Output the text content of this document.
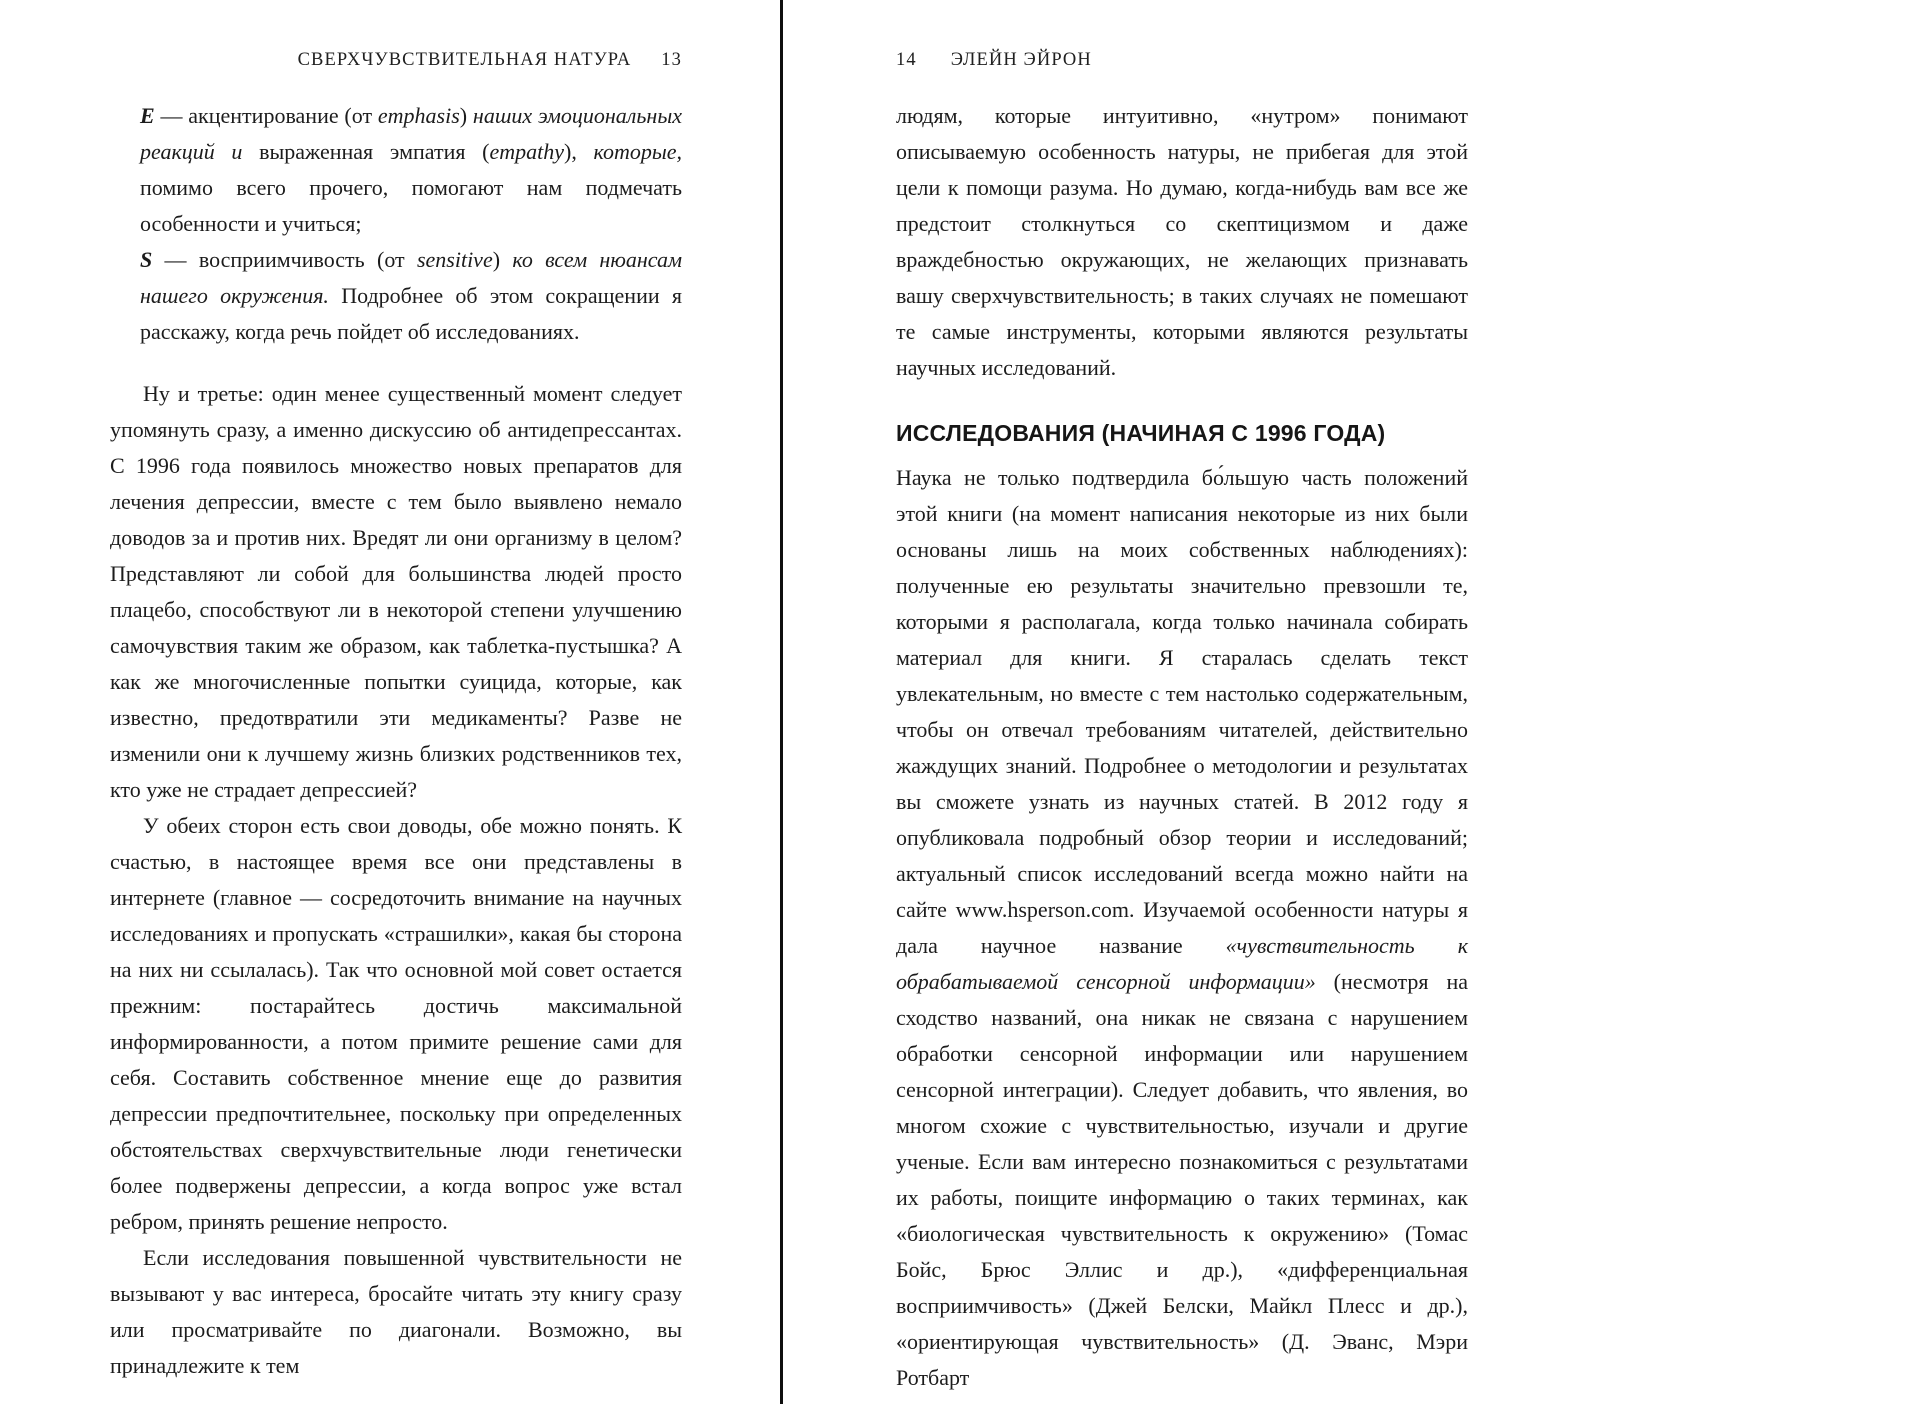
СВЕРХЧУВСТВИТЕЛЬНАЯ НАТУРА 13

E — акцентирование (от emphasis) наших эмоциональных реакций и выраженная эмпатия (empathy), которые, помимо всего прочего, помогают нам подмечать особенности и учиться;

S — восприимчивость (от sensitive) ко всем нюансам нашего окружения. Подробнее об этом сокращении я расскажу, когда речь пойдет об исследованиях.

Ну и третье: один менее существенный момент следует упомянуть сразу, а именно дискуссию об антидепрессантах. С 1996 года появилось множество новых препаратов для лечения депрессии, вместе с тем было выявлено немало доводов за и против них. Вредят ли они организму в целом? Представляют ли собой для большинства людей просто плацебо, способствуют ли в некоторой степени улучшению самочувствия таким же образом, как таблетка-пустышка? А как же многочисленные попытки суицида, которые, как известно, предотвратили эти медикаменты? Разве не изменили они к лучшему жизнь близких родственников тех, кто уже не страдает депрессией?

У обеих сторон есть свои доводы, обе можно понять. К счастью, в настоящее время все они представлены в интернете (главное — сосредоточить внимание на научных исследованиях и пропускать «страшилки», какая бы сторона на них ни ссылалась). Так что основной мой совет остается прежним: постарайтесь достичь максимальной информированности, а потом примите решение сами для себя. Составить собственное мнение еще до развития депрессии предпочтительнее, поскольку при определенных обстоятельствах сверхчувствительные люди генетически более подвержены депрессии, а когда вопрос уже встал ребром, принять решение непросто.

Если исследования повышенной чувствительности не вызывают у вас интереса, бросайте читать эту книгу сразу или просматривайте по диагонали. Возможно, вы принадлежите к тем

14 ЭЛЕЙН ЭЙРОН

людям, которые интуитивно, «нутром» понимают описываемую особенность натуры, не прибегая для этой цели к помощи разума. Но думаю, когда-нибудь вам все же предстоит столкнуться со скептицизмом и даже враждебностью окружающих, не желающих признавать вашу сверхчувствительность; в таких случаях не помешают те самые инструменты, которыми являются результаты научных исследований.

ИССЛЕДОВАНИЯ (НАЧИНАЯ С 1996 ГОДА)

Наука не только подтвердила бо́льшую часть положений этой книги (на момент написания некоторые из них были основаны лишь на моих собственных наблюдениях): полученные ею результаты значительно превзошли те, которыми я располагала, когда только начинала собирать материал для книги. Я старалась сделать текст увлекательным, но вместе с тем настолько содержательным, чтобы он отвечал требованиям читателей, действительно жаждущих знаний. Подробнее о методологии и результатах вы сможете узнать из научных статей. В 2012 году я опубликовала подробный обзор теории и исследований; актуальный список исследований всегда можно найти на сайте www.hsperson.com. Изучаемой особенности натуры я дала научное название «чувствительность к обрабатываемой сенсорной информации» (несмотря на сходство названий, она никак не связана с нарушением обработки сенсорной информации или нарушением сенсорной интеграции). Следует добавить, что явления, во многом схожие с чувствительностью, изучали и другие ученые. Если вам интересно познакомиться с результатами их работы, поищите информацию о таких терминах, как «биологическая чувствительность к окружению» (Томас Бойс, Брюс Эллис и др.), «дифференциальная восприимчивость» (Джей Белски, Майкл Плесс и др.), «ориентирующая чувствительность» (Д. Эванс, Мэри Ротбарт
